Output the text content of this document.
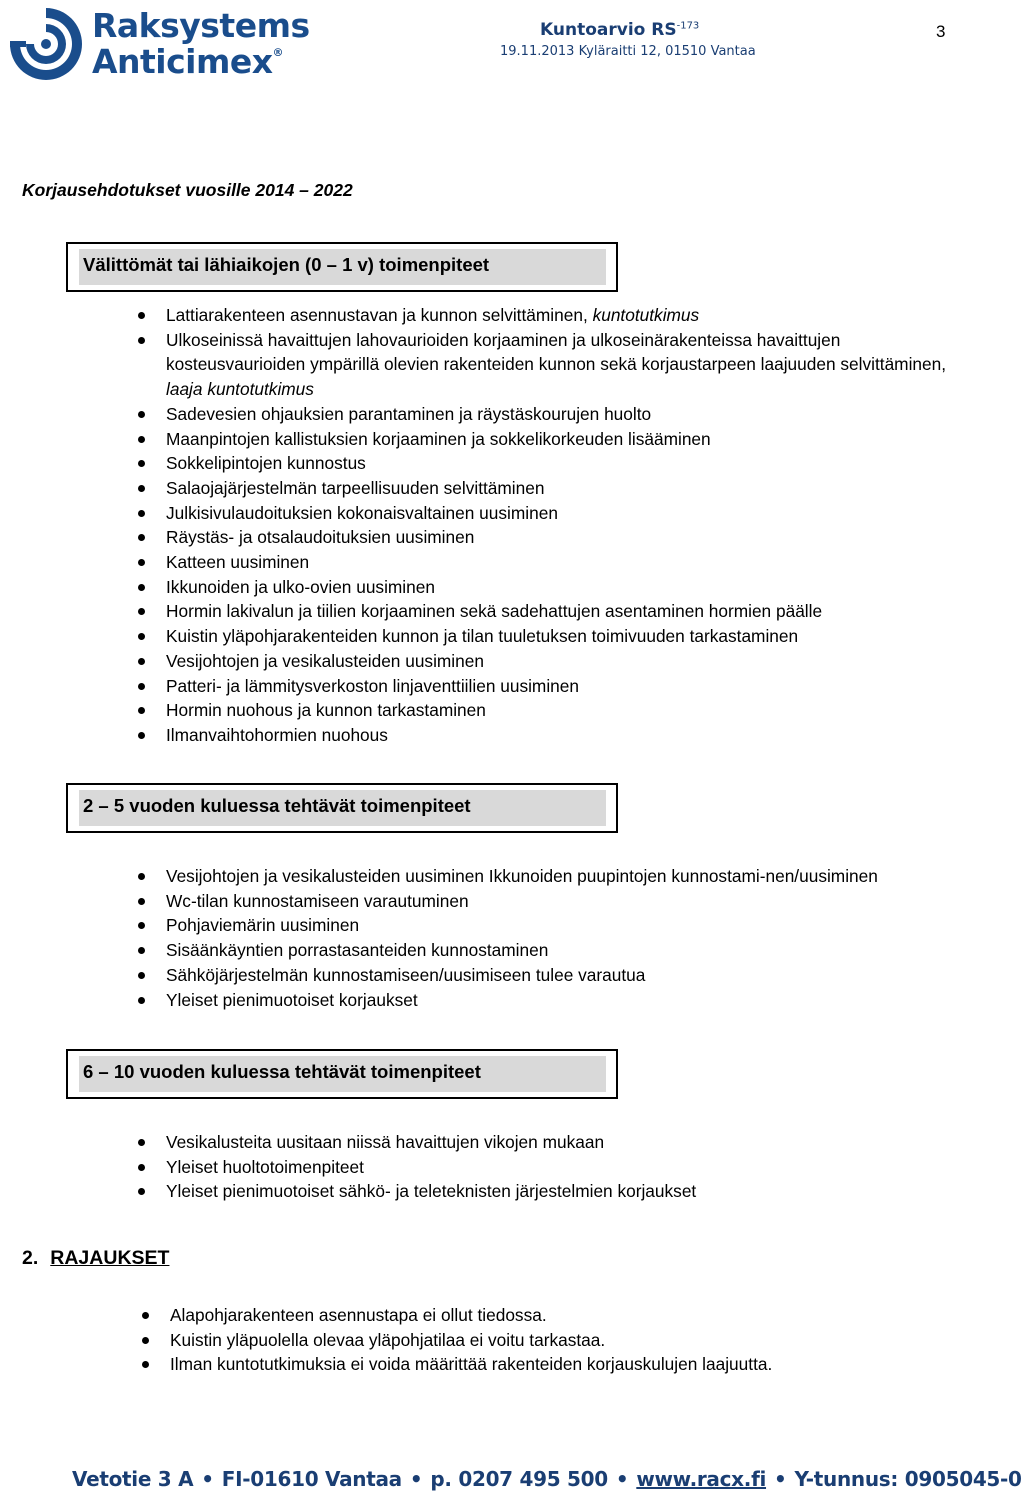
Raksystems
Anticimex®
Kuntoarvio $RS^{-173}$
19.11.2013 Kyläraitti 12, 01510 Vantaa
3
Korjausehdotukset vuosille 2014 – 2022
Välittömät tai lähiaikojen (0 – 1 v) toimenpiteet
Lattiarakenteen asennustavan ja kunnon selvittäminen, kuntotutkimus
Ulkoseinissä havaittujen lahovaurioiden korjaaminen ja ulkoseinärakenteissa havaittujen kosteusvaurioiden ympärillä olevien rakenteiden kunnon sekä korjaustarpeen laajuuden selvittäminen, laaja kuntotutkimus
Sadevesien ohjauksien parantaminen ja räystäskourujen huolto
Maanpintojen kallistuksien korjaaminen ja sokkelikorkeuden lisääminen
Sokkelipintojen kunnostus
Salaojajärjestelmän tarpeellisuuden selvittäminen
Julkisivulaudoituksien kokonaisvaltainen uusiminen
Räystäs- ja otsalaudoituksien uusiminen
Katteen uusiminen
Ikkunoiden ja ulko-ovien uusiminen
Hormin lakivalun ja tiilien korjaaminen sekä sadehattujen asentaminen hormien päälle
Kuistin yläpohjarakenteiden kunnon ja tilan tuuletuksen toimivuuden tarkastaminen
Vesijohtojen ja vesikalusteiden uusiminen
Patteri- ja lämmitysverkoston linjaventtiilien uusiminen
Hormin nuohous ja kunnon tarkastaminen
Ilmanvaihtohormien nuohous
2 – 5 vuoden kuluessa tehtävät toimenpiteet
Vesijohtojen ja vesikalusteiden uusiminen Ikkunoiden puupintojen kunnostami-nen/uusiminen
Wc-tilan kunnostamiseen varautuminen
Pohjaviemärin uusiminen
Sisäänkäyntien porrastasanteiden kunnostaminen
Sähköjärjestelmän kunnostamiseen/uusimiseen tulee varautua
Yleiset pienimuotoiset korjaukset
6 – 10 vuoden kuluessa tehtävät toimenpiteet
Vesikalusteita uusitaan niissä havaittujen vikojen mukaan
Yleiset huoltotoimenpiteet
Yleiset pienimuotoiset sähkö- ja teleteknisten järjestelmien korjaukset
2. RAJAUKSET
Alapohjarakenteen asennustapa ei ollut tiedossa.
Kuistin yläpuolella olevaa yläpohjatilaa ei voitu tarkastaa.
Ilman kuntotutkimuksia ei voida määrittää rakenteiden korjauskulujen laajuutta.
Vetotie 3 A • FI-01610 Vantaa • p. 0207 495 500 • www.racx.fi • Y-tunnus: 0905045-0
